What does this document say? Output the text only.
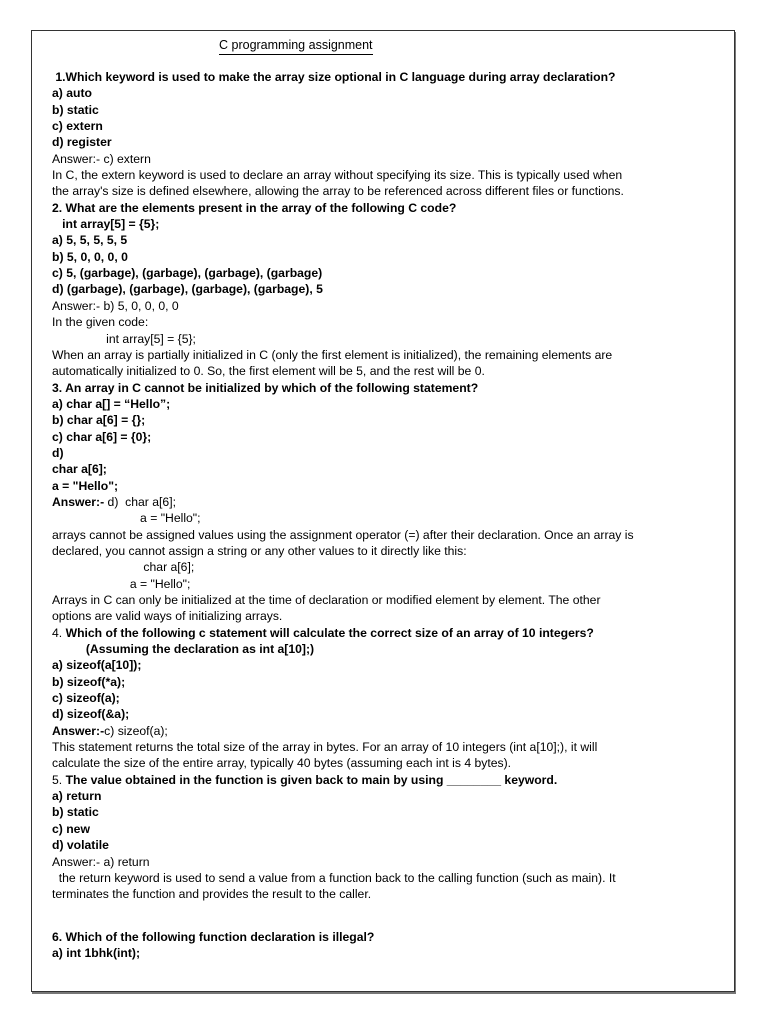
C programming assignment
1.Which keyword is used to make the array size optional in C language during array declaration?
a) auto
b) static
c) extern
d) register
Answer:- c) extern
In C, the extern keyword is used to declare an array without specifying its size. This is typically used when
the array's size is defined elsewhere, allowing the array to be referenced across different files or functions.
2. What are the elements present in the array of the following C code?
int array[5] = {5};
a) 5, 5, 5, 5, 5
b) 5, 0, 0, 0, 0
c) 5, (garbage), (garbage), (garbage), (garbage)
d) (garbage), (garbage), (garbage), (garbage), 5
Answer:- b) 5, 0, 0, 0, 0
In the given code:
int array[5] = {5};
When an array is partially initialized in C (only the first element is initialized), the remaining elements are
automatically initialized to 0. So, the first element will be 5, and the rest will be 0.
3. An array in C cannot be initialized by which of the following statement?
a) char a[] = “Hello”;
b) char a[6] = {};
c) char a[6] = {0};
d)
char a[6];
a = "Hello";
Answer:- d)  char a[6];
a = "Hello";
arrays cannot be assigned values using the assignment operator (=) after their declaration. Once an array is
declared, you cannot assign a string or any other values to it directly like this:
char a[6];
a = "Hello";
Arrays in C can only be initialized at the time of declaration or modified element by element. The other
options are valid ways of initializing arrays.
4. Which of the following c statement will calculate the correct size of an array of 10 integers?
(Assuming the declaration as int a[10];)
a) sizeof(a[10]);
b) sizeof(*a);
c) sizeof(a);
d) sizeof(&a);
Answer:-c) sizeof(a);
This statement returns the total size of the array in bytes. For an array of 10 integers (int a[10];), it will
calculate the size of the entire array, typically 40 bytes (assuming each int is 4 bytes).
5. The value obtained in the function is given back to main by using ________ keyword.
a) return
b) static
c) new
d) volatile
Answer:- a) return
the return keyword is used to send a value from a function back to the calling function (such as main). It
terminates the function and provides the result to the caller.
6. Which of the following function declaration is illegal?
a) int 1bhk(int);
